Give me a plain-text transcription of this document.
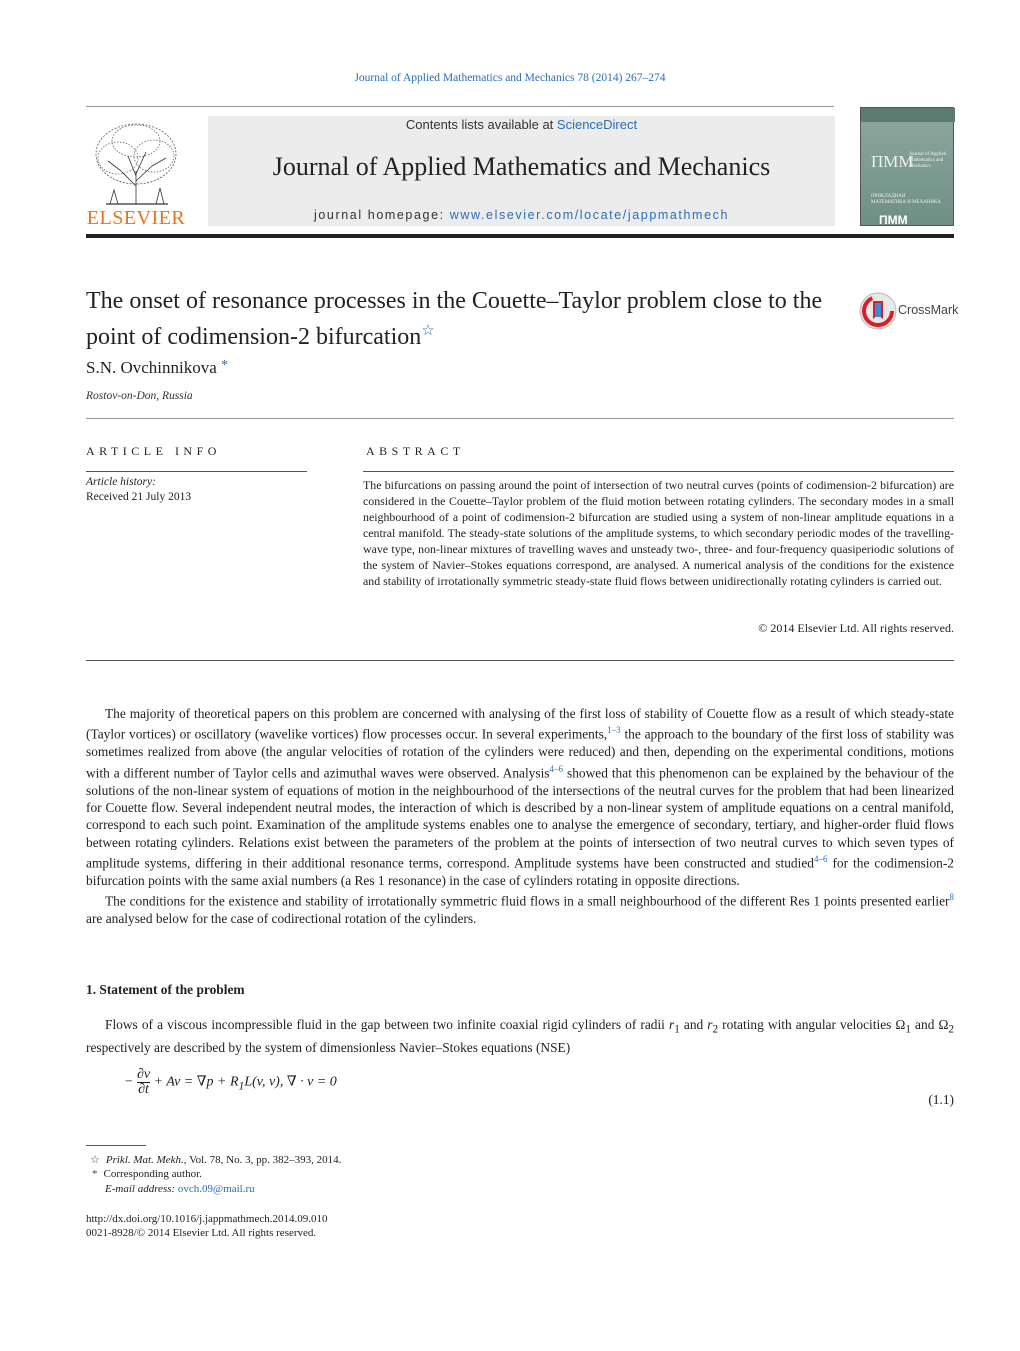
Journal of Applied Mathematics and Mechanics 78 (2014) 267–274
ELSEVIER
Contents lists available at ScienceDirect
Journal of Applied Mathematics and Mechanics
journal homepage: www.elsevier.com/locate/jappmathmech
ПММ
Journal of Applied Mathematics and Mechanics
ПРИКЛАДНАЯ МАТЕМАТИКА И МЕХАНИКА
ПММ
The onset of resonance processes in the Couette–Taylor problem close to the point of codimension-2 bifurcation☆
CrossMark
S.N. Ovchinnikova *
Rostov-on-Don, Russia
ARTICLE INFO	ABSTRACT
Article history:
Received 21 July 2013
The bifurcations on passing around the point of intersection of two neutral curves (points of codimension-2 bifurcation) are considered in the Couette–Taylor problem of the fluid motion between rotating cylinders. The secondary modes in a small neighbourhood of a point of codimension-2 bifurcation are studied using a system of non-linear amplitude equations in a central manifold. The steady-state solutions of the amplitude systems, to which secondary periodic modes of the travelling-wave type, non-linear mixtures of travelling waves and unsteady two-, three- and four-frequency quasiperiodic solutions of the system of Navier–Stokes equations correspond, are analysed. A numerical analysis of the conditions for the existence and stability of irrotationally symmetric steady-state fluid flows between unidirectionally rotating cylinders is carried out.
© 2014 Elsevier Ltd. All rights reserved.

The majority of theoretical papers on this problem are concerned with analysing of the first loss of stability of Couette flow as a result of which steady-state (Taylor vortices) or oscillatory (wavelike vortices) flow processes occur. In several experiments,$^{1-3}$ the approach to the boundary of the first loss of stability was sometimes realized from above (the angular velocities of rotation of the cylinders were reduced) and then, depending on the experimental conditions, motions with a different number of Taylor cells and azimuthal waves were observed. Analysis$^{4-6}$ showed that this phenomenon can be explained by the behaviour of the solutions of the non-linear system of equations of motion in the neighbourhood of the intersections of the neutral curves for the problem that had been linearized for Couette flow. Several independent neutral modes, the interaction of which is described by a non-linear system of amplitude equations on a central manifold, correspond to each such point. Examination of the amplitude systems enables one to analyse the emergence of secondary, tertiary, and higher-order fluid flows between rotating cylinders. Relations exist between the parameters of the problem at the points of intersection of two neutral curves to which seven types of amplitude systems, differing in their additional resonance terms, correspond. Amplitude systems have been constructed and studied$^{4-6}$ for the codimension-2 bifurcation points with the same axial numbers (a Res 1 resonance) in the case of cylinders rotating in opposite directions.

The conditions for the existence and stability of irrotationally symmetric fluid flows in a small neighbourhood of the different Res 1 points presented earlier$^8$ are analysed below for the case of codirectional rotation of the cylinders.

1. Statement of the problem

Flows of a viscous incompressible fluid in the gap between two infinite coaxial rigid cylinders of radii $r_1$ and $r_2$ rotating with angular velocities $\Omega_1$ and $\Omega_2$ respectively are described by the system of dimensionless Navier–Stokes equations (NSE)

− $\frac{\partial v}{\partial t} + Av = \nabla p + R_1L(v$, v), ∇ · v = 0
(1.1)
☆ Prikl. Mat. Mekh., Vol. 78, No. 3, pp. 382–393, 2014.
* Corresponding author.
E-mail address: ovch.09@mail.ru
http://dx.doi.org/10.1016/j.jappmathmech.2014.09.010
0021-8928/© 2014 Elsevier Ltd. All rights reserved.
